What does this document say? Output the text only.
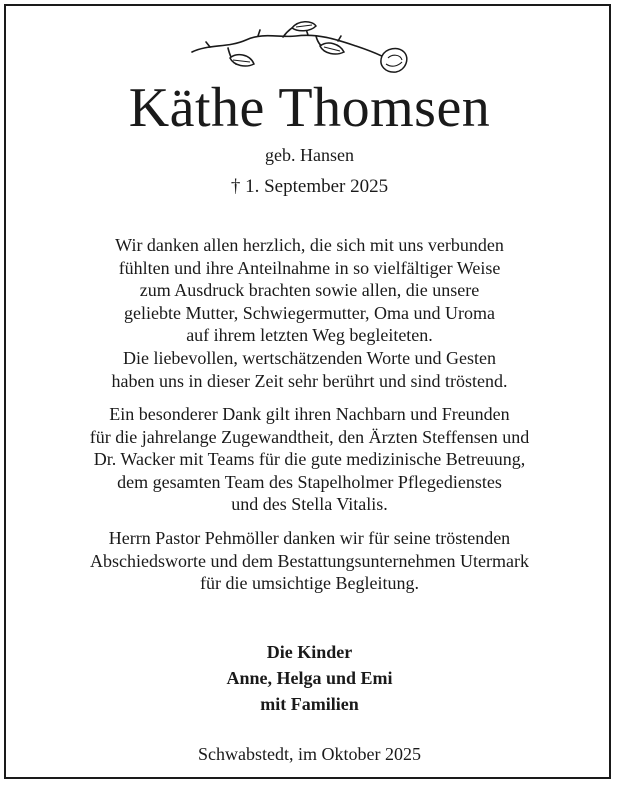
Käthe Thomsen
geb. Hansen
† 1. September 2025
Wir danken allen herzlich, die sich mit uns verbunden
fühlten und ihre Anteilnahme in so vielfältiger Weise
zum Ausdruck brachten sowie allen, die unsere
geliebte Mutter, Schwiegermutter, Oma und Uroma
auf ihrem letzten Weg begleiteten.
Die liebevollen, wertschätzenden Worte und Gesten
haben uns in dieser Zeit sehr berührt und sind tröstend.
Ein besonderer Dank gilt ihren Nachbarn und Freunden
für die jahrelange Zugewandtheit, den Ärzten Steffensen und
Dr. Wacker mit Teams für die gute medizinische Betreuung,
dem gesamten Team des Stapelholmer Pflegedienstes
und des Stella Vitalis.
Herrn Pastor Pehmöller danken wir für seine tröstenden
Abschiedsworte und dem Bestattungsunternehmen Utermark
für die umsichtige Begleitung.
Die Kinder
Anne, Helga und Emi
mit Familien
Schwabstedt, im Oktober 2025
